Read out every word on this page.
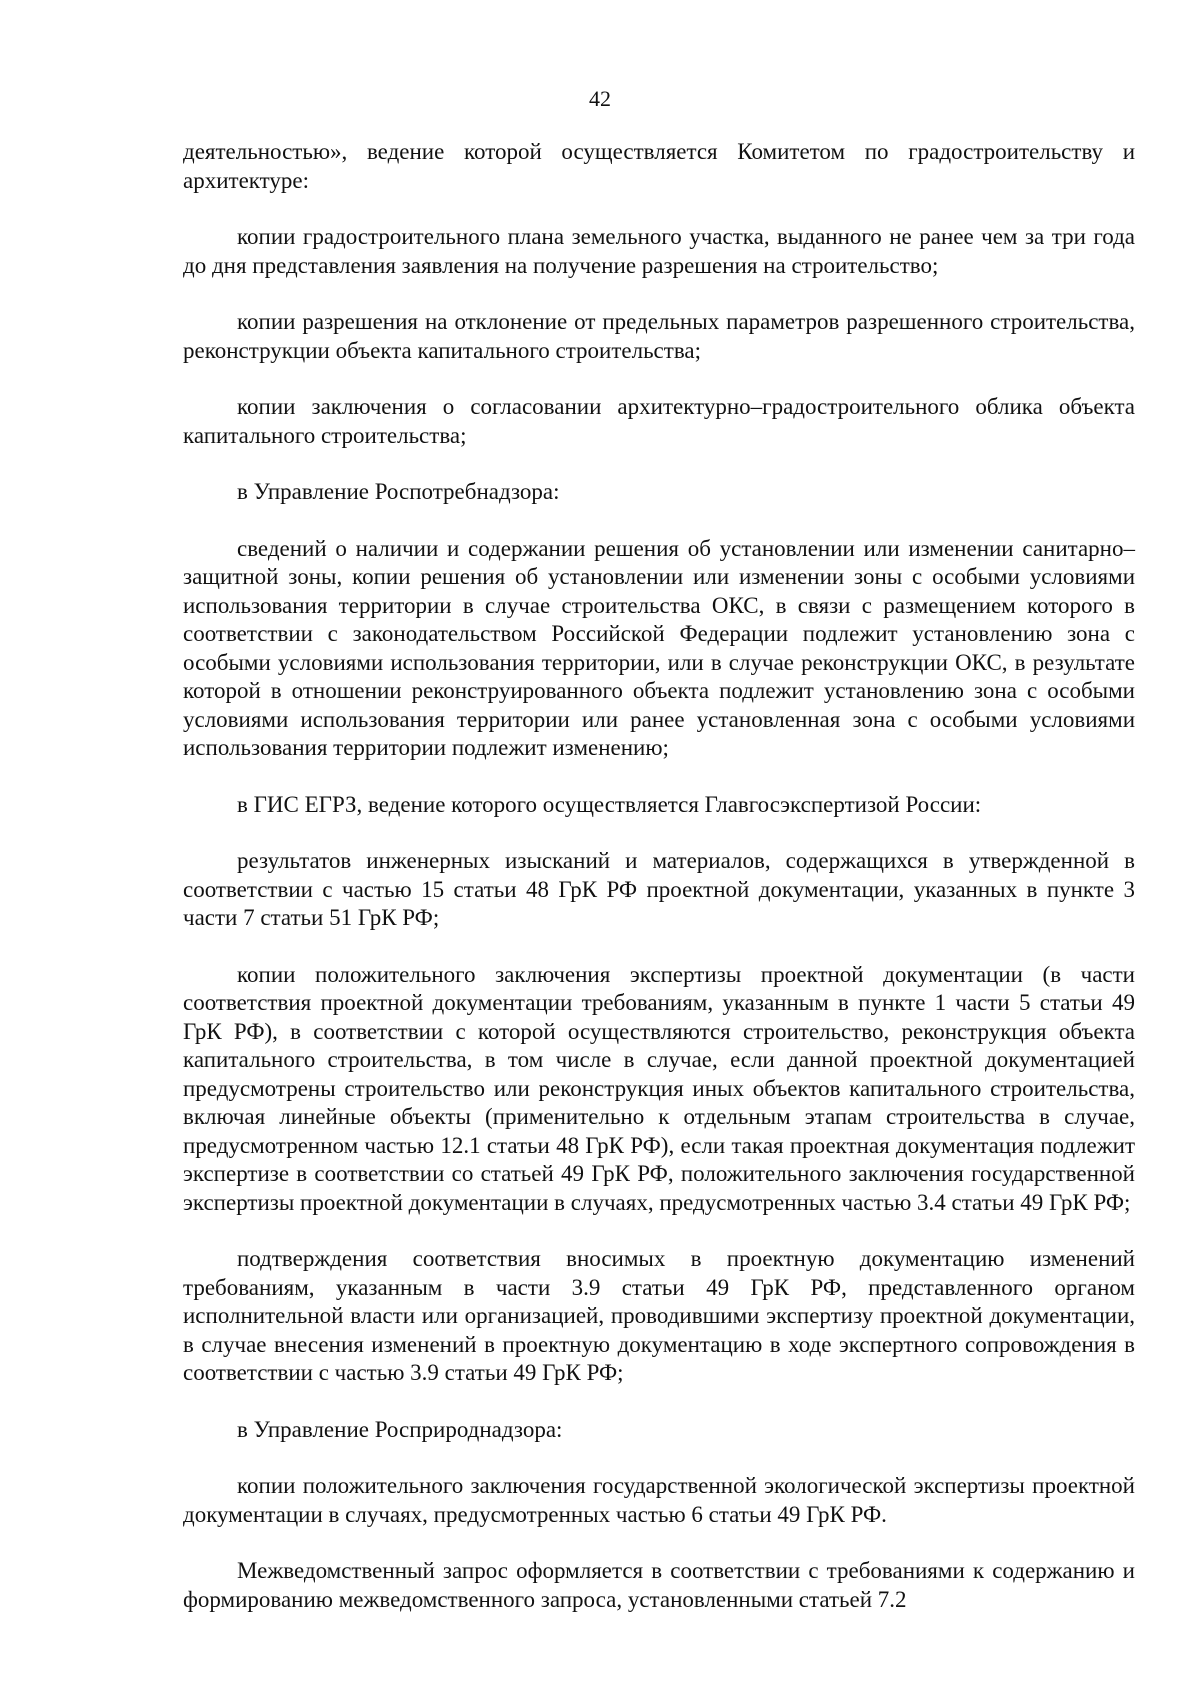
42

деятельностью», ведение которой осуществляется Комитетом по градостроительству и архитектуре:

копии градостроительного плана земельного участка, выданного не ранее чем за три года до дня представления заявления на получение разрешения на строительство;

копии разрешения на отклонение от предельных параметров разрешенного строительства, реконструкции объекта капитального строительства;

копии заключения о согласовании архитектурно–градостроительного облика объекта капитального строительства;

в Управление Роспотребнадзора:

сведений о наличии и содержании решения об установлении или изменении санитарно–защитной зоны, копии решения об установлении или изменении зоны с особыми условиями использования территории в случае строительства ОКС, в связи с размещением которого в соответствии с законодательством Российской Федерации подлежит установлению зона с особыми условиями использования территории, или в случае реконструкции ОКС, в результате которой в отношении реконструированного объекта подлежит установлению зона с особыми условиями использования территории или ранее установленная зона с особыми условиями использования территории подлежит изменению;

в ГИС ЕГРЗ, ведение которого осуществляется Главгосэкспертизой России:

результатов инженерных изысканий и материалов, содержащихся в утвержденной в соответствии с частью 15 статьи 48 ГрК РФ проектной документации, указанных в пункте 3 части 7 статьи 51 ГрК РФ;

копии положительного заключения экспертизы проектной документации (в части соответствия проектной документации требованиям, указанным в пункте 1 части 5 статьи 49 ГрК РФ), в соответствии с которой осуществляются строительство, реконструкция объекта капитального строительства, в том числе в случае, если данной проектной документацией предусмотрены строительство или реконструкция иных объектов капитального строительства, включая линейные объекты (применительно к отдельным этапам строительства в случае, предусмотренном частью 12.1 статьи 48 ГрК РФ), если такая проектная документация подлежит экспертизе в соответствии со статьей 49 ГрК РФ, положительного заключения государственной экспертизы проектной документации в случаях, предусмотренных частью 3.4 статьи 49 ГрК РФ;

подтверждения соответствия вносимых в проектную документацию изменений требованиям, указанным в части 3.9 статьи 49 ГрК РФ, представленного органом исполнительной власти или организацией, проводившими экспертизу проектной документации, в случае внесения изменений в проектную документацию в ходе экспертного сопровождения в соответствии с частью 3.9 статьи 49 ГрК РФ;

в Управление Росприроднадзора:

копии положительного заключения государственной экологической экспертизы проектной документации в случаях, предусмотренных частью 6 статьи 49 ГрК РФ.

Межведомственный запрос оформляется в соответствии с требованиями к содержанию и формированию межведомственного запроса, установленными статьей 7.2
